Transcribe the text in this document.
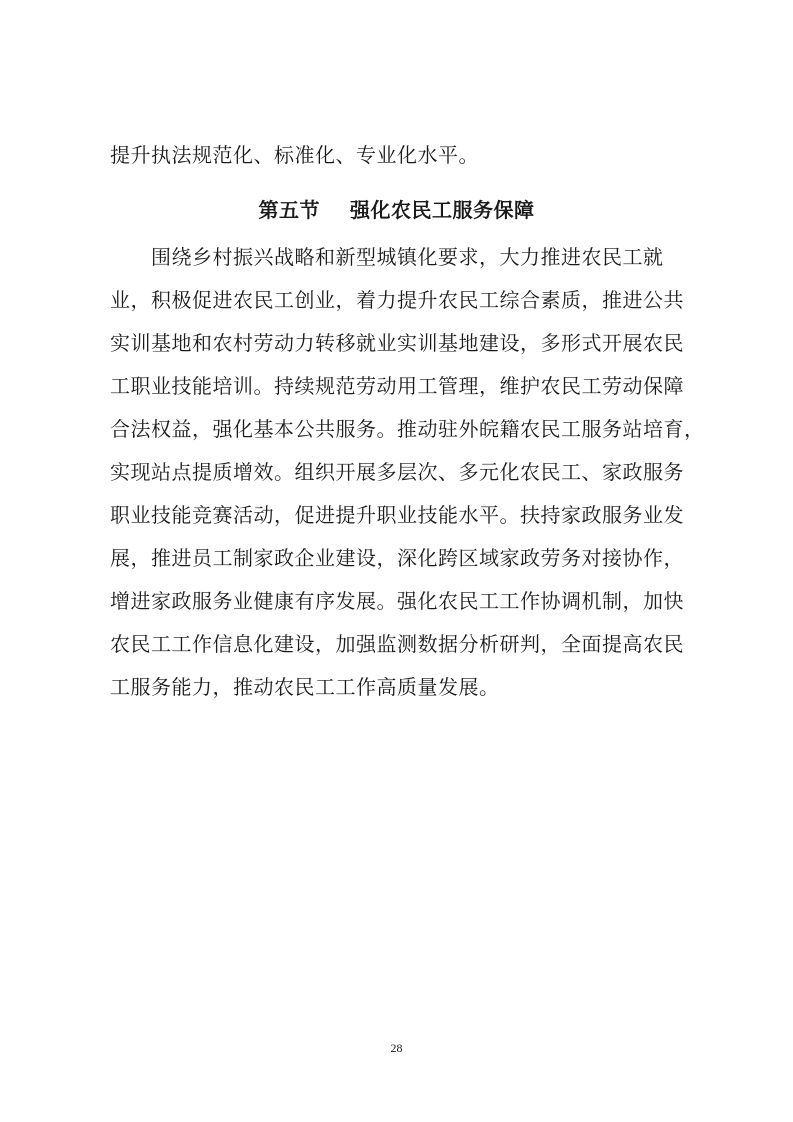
提升执法规范化、标准化、专业化水平。
第五节 强化农民工服务保障
　　围绕乡村振兴战略和新型城镇化要求，大力推进农民工就
业，积极促进农民工创业，着力提升农民工综合素质，推进公共
实训基地和农村劳动力转移就业实训基地建设，多形式开展农民
工职业技能培训。持续规范劳动用工管理，维护农民工劳动保障
合法权益，强化基本公共服务。推动驻外皖籍农民工服务站培育，
实现站点提质增效。组织开展多层次、多元化农民工、家政服务
职业技能竞赛活动，促进提升职业技能水平。扶持家政服务业发
展，推进员工制家政企业建设，深化跨区域家政劳务对接协作，
增进家政服务业健康有序发展。强化农民工工作协调机制，加快
农民工工作信息化建设，加强监测数据分析研判，全面提高农民
工服务能力，推动农民工工作高质量发展。
28
